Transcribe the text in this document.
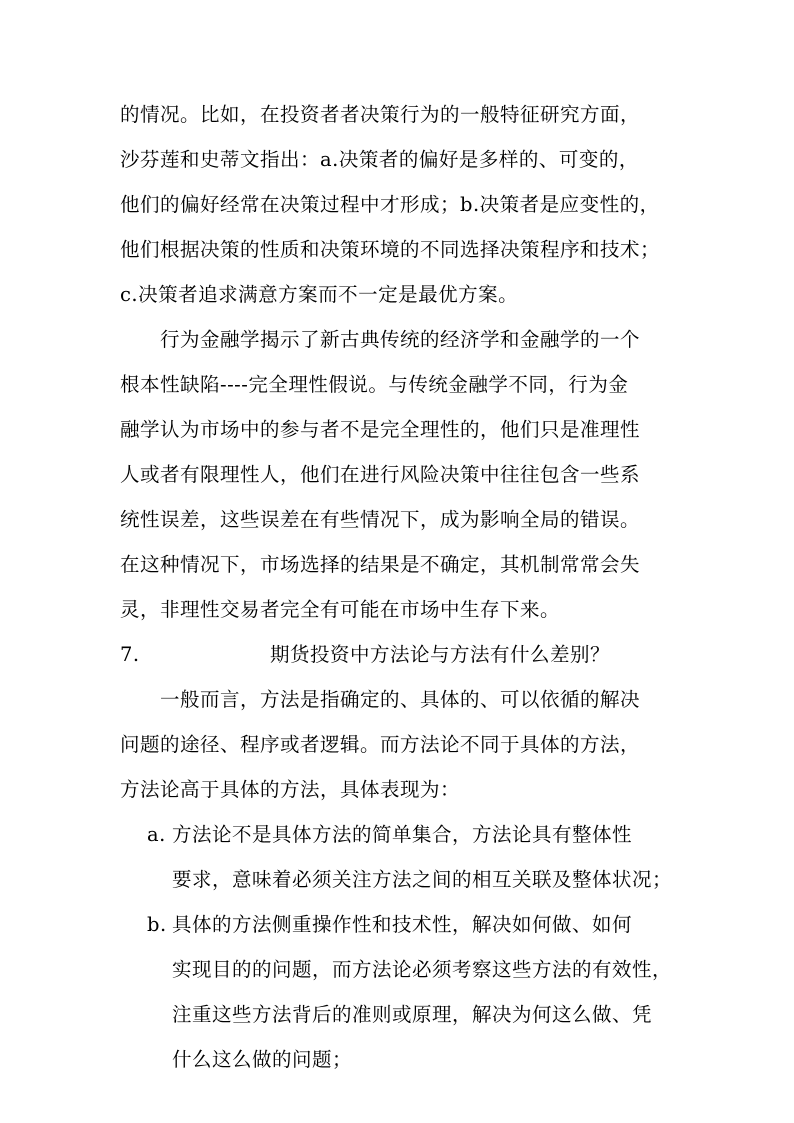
的情况。比如，在投资者者决策行为的一般特征研究方面，
沙芬莲和史蒂文指出：a.决策者的偏好是多样的、可变的，
他们的偏好经常在决策过程中才形成；b.决策者是应变性的，
他们根据决策的性质和决策环境的不同选择决策程序和技术；
c.决策者追求满意方案而不一定是最优方案。
行为金融学揭示了新古典传统的经济学和金融学的一个
根本性缺陷----完全理性假说。与传统金融学不同，行为金
融学认为市场中的参与者不是完全理性的，他们只是准理性
人或者有限理性人，他们在进行风险决策中往往包含一些系
统性误差，这些误差在有些情况下，成为影响全局的错误。
在这种情况下，市场选择的结果是不确定，其机制常常会失
灵，非理性交易者完全有可能在市场中生存下来。
7.	期货投资中方法论与方法有什么差别？
一般而言，方法是指确定的、具体的、可以依循的解决
问题的途径、程序或者逻辑。而方法论不同于具体的方法，
方法论高于具体的方法，具体表现为：
a. 方法论不是具体方法的简单集合，方法论具有整体性
要求，意味着必须关注方法之间的相互关联及整体状况；
b. 具体的方法侧重操作性和技术性，解决如何做、如何
实现目的的问题，而方法论必须考察这些方法的有效性，
注重这些方法背后的准则或原理，解决为何这么做、凭
什么这么做的问题；
